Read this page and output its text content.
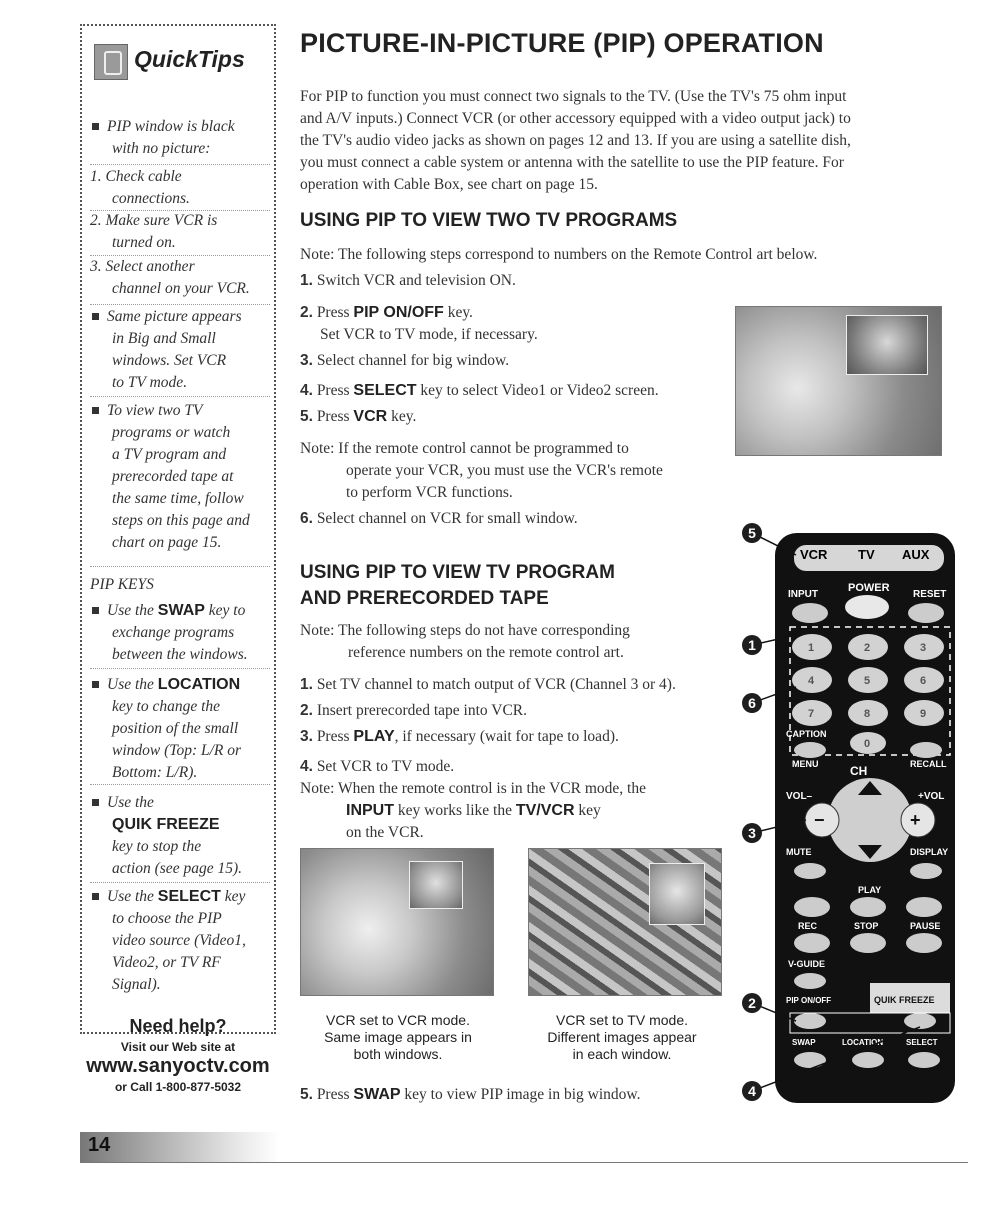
QuickTips
PIP window is black
with no picture:
1. Check cable
connections.
2. Make sure VCR is
turned on.
3. Select another
channel on your VCR.
Same picture appears
in Big and Small
windows. Set VCR
to TV mode.
To view two TV
programs or watch
a TV program and
prerecorded tape at
the same time, follow
steps on this page and
chart on page 15.
PIP KEYS
Use the SWAP key to
exchange programs
between the windows.
Use the LOCATION
key to change the
position of the small
window (Top: L/R or
Bottom: L/R).
Use the
QUIK FREEZE
key to stop the
action (see page 15).
Use the SELECT key
to choose the PIP
video source (Video1,
Video2, or TV RF
Signal).
Need help?
Visit our Web site at
www.sanyoctv.com
or Call 1-800-877-5032
PICTURE-IN-PICTURE (PIP) OPERATION
For PIP to function you must connect two signals to the TV. (Use the TV's 75 ohm input
and A/V inputs.) Connect VCR (or other accessory equipped with a video output jack) to
the TV's audio video jacks as shown on pages 12 and 13. If you are using a satellite dish,
you must connect a cable system or antenna with the satellite to use the PIP feature. For
operation with Cable Box, see chart on page 15.
USING PIP TO VIEW TWO TV PROGRAMS
Note: The following steps correspond to numbers on the Remote Control art below.
1. Switch VCR and television ON.
2. Press PIP ON/OFF key.
Set VCR to TV mode, if necessary.
3. Select channel for big window.
4. Press SELECT key to select Video1 or Video2 screen.
5. Press VCR key.
Note: If the remote control cannot be programmed to
operate your VCR, you must use the VCR's remote
to perform VCR functions.
6. Select channel on VCR for small window.
USING PIP TO VIEW TV PROGRAM
AND PRERECORDED TAPE
Note: The following steps do not have corresponding
reference numbers on the remote control art.
1. Set TV channel to match output of VCR (Channel 3 or 4).
2. Insert prerecorded tape into VCR.
3. Press PLAY, if necessary (wait for tape to load).
4. Set VCR to TV mode.
Note: When the remote control is in the VCR mode, the
INPUT key works like the TV/VCR key
on the VCR.
VCR set to VCR mode.
Same image appears in
both windows.
VCR set to TV mode.
Different images appear
in each window.
5. Press SWAP key to view PIP image in big window.
VCR TV AUX
INPUT
POWER
RESET
1	2	3
4	5	6
7	8	9
0
CAPTION
MENU	CH	RECALL
−	+
VOL–	+VOL
MUTE	DISPLAY
PLAY
REC	STOP	PAUSE
V-GUIDE
PIP ON/OFF	QUIK FREEZE
SWAP	LOCATION	SELECT
5
1
6
3
2
4
14
